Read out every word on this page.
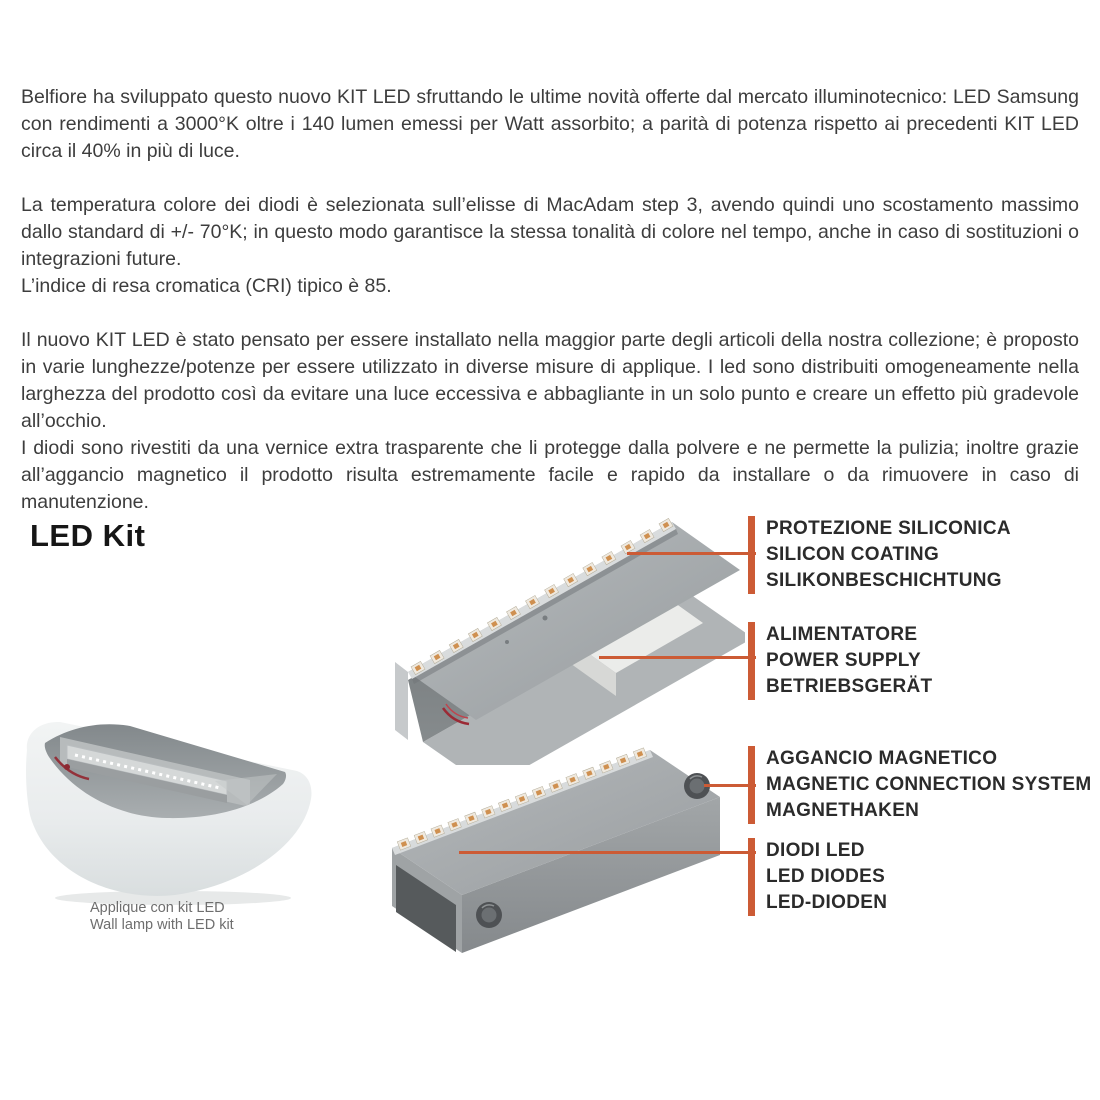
Belfiore ha sviluppato questo nuovo KIT LED sfruttando le ultime novità offerte dal mercato illuminotecnico: LED Samsung con rendimenti a 3000°K oltre i 140 lumen emessi per Watt assorbito; a parità di potenza rispetto ai precedenti KIT LED circa il 40% in più di luce.
La temperatura colore dei diodi è selezionata sull’elisse di MacAdam step 3, avendo quindi uno scostamento massimo dallo standard di +/- 70°K; in questo modo garantisce la stessa tonalità di colore nel tempo, anche in caso di sostituzioni o integrazioni future.
L’indice di resa cromatica (CRI) tipico è 85.
Il nuovo KIT LED è stato pensato per essere installato nella maggior parte degli articoli della nostra collezione; è proposto in varie lunghezze/potenze per essere utilizzato in diverse misure di applique. I led sono distribuiti omogeneamente nella larghezza del prodotto così da evitare una luce eccessiva e abbagliante in un solo punto e creare un effetto più gradevole all’occhio.
I diodi sono rivestiti da una vernice extra trasparente che li protegge dalla polvere e ne permette la pulizia; inoltre grazie all’aggancio magnetico il prodotto risulta estremamente facile e rapido da installare o da rimuovere in caso di manutenzione.
LED Kit	PROTEZIONE SILICONICA
SILICON COATING
SILIKONBESCHICHTUNG
ALIMENTATORE
POWER SUPPLY
BETRIEBSGERÄT
AGGANCIO MAGNETICO
MAGNETIC CONNECTION SYSTEM
MAGNETHAKEN
DIODI LED
LED DIODES
LED-DIODEN
Applique con kit LED
Wall lamp with LED kit
